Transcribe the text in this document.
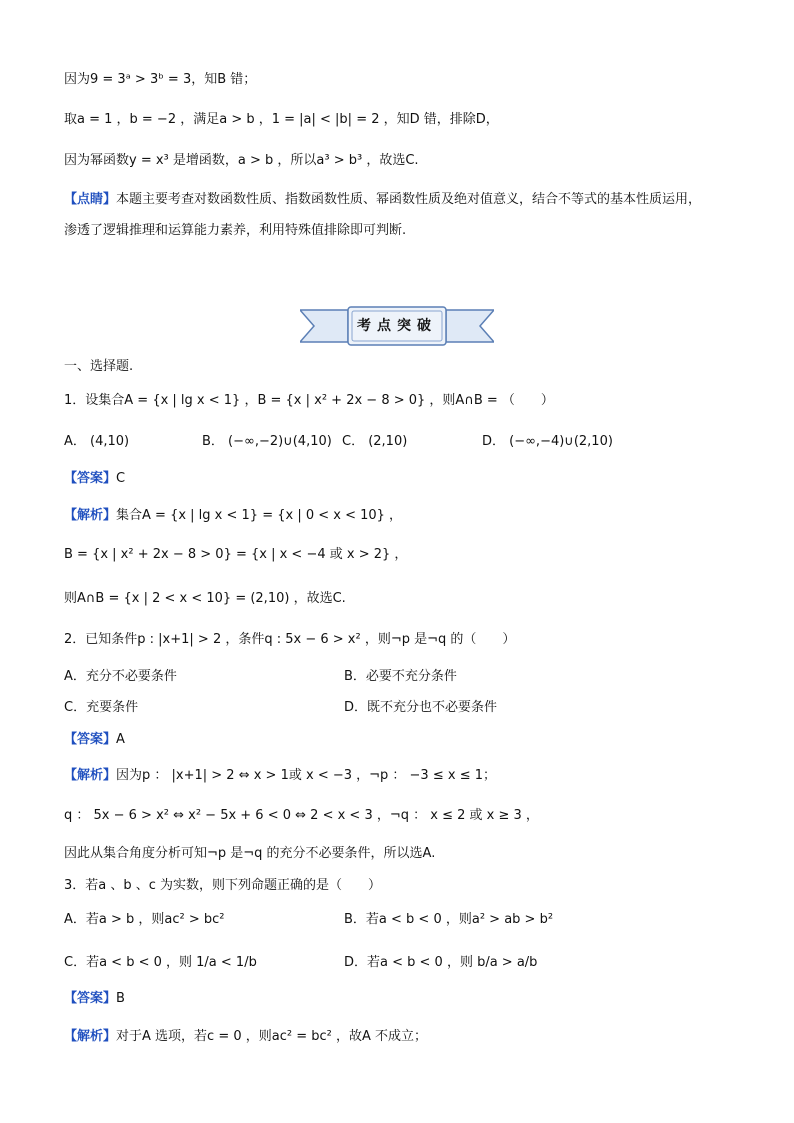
因为9 = 3ᵃ > 3ᵇ = 3，知B 错；
取a = 1 ，b = −2 ，满足a > b ，1 = |a| < |b| = 2 ，知D 错，排除D，
因为幂函数y = x³ 是增函数，a > b ，所以a³ > b³ ，故选C.
【点睛】本题主要考查对数函数性质、指数函数性质、幂函数性质及绝对值意义，结合不等式的基本性质运用，
渗透了逻辑推理和运算能力素养，利用特殊值排除即可判断.
考点突破
一、选择题.
1．设集合A = {x | lg x < 1} ，B = {x | x² + 2x − 8 > 0} ，则A∩B = （　　）
A． (4,10)	B． (−∞,−2)∪(4,10) C． (2,10)	D． (−∞,−4)∪(2,10)
【答案】C
【解析】集合A = {x | lg x < 1} = {x | 0 < x < 10} ，
B = {x | x² + 2x − 8 > 0} = {x | x < −4 或 x > 2} ，
则A∩B = {x | 2 < x < 10} = (2,10) ，故选C.
2．已知条件p : |x+1| > 2 ，条件q : 5x − 6 > x² ，则¬p 是¬q 的（　　）
A．充分不必要条件	B．必要不充分条件
C．充要条件	D．既不充分也不必要条件
【答案】A
【解析】因为p ： |x+1| > 2 ⇔ x > 1或 x < −3 ，¬p ： −3 ≤ x ≤ 1；
q ： 5x − 6 > x² ⇔ x² − 5x + 6 < 0 ⇔ 2 < x < 3 ，¬q ： x ≤ 2 或 x ≥ 3 ，
因此从集合角度分析可知¬p 是¬q 的充分不必要条件，所以选A.
3．若a 、b 、c 为实数，则下列命题正确的是（　　）
A．若a > b ，则ac² > bc²	B．若a < b < 0 ，则a² > ab > b²
C．若a < b < 0 ，则 1/a < 1/b	D．若a < b < 0 ，则 b/a > a/b
【答案】B
【解析】对于A 选项，若c = 0 ，则ac² = bc² ，故A 不成立；
